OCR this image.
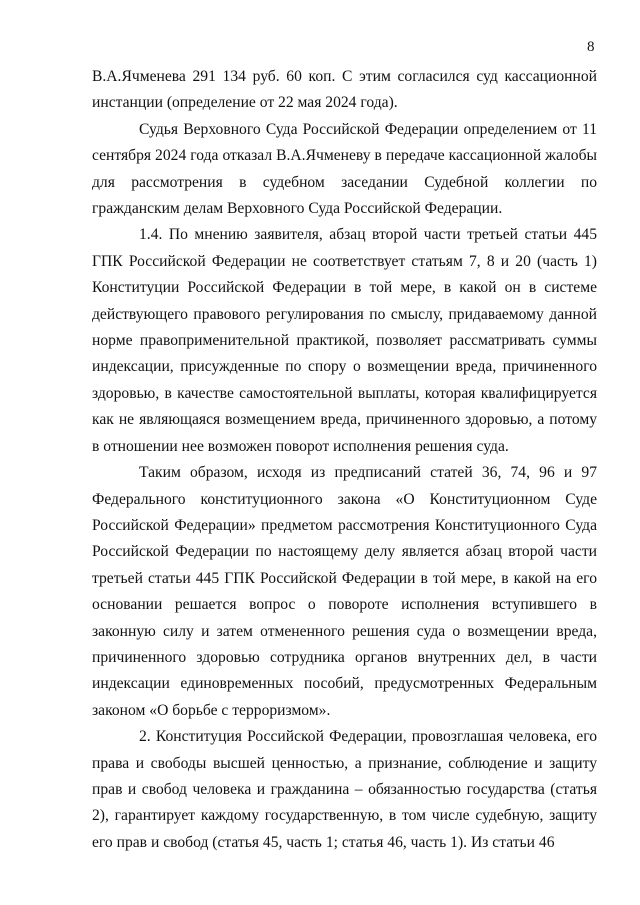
8

В.А.Ячменева 291 134 руб. 60 коп. С этим согласился суд кассационной инстанции (определение от 22 мая 2024 года).

Судья Верховного Суда Российской Федерации определением от 11 сентября 2024 года отказал В.А.Ячменеву в передаче кассационной жалобы для рассмотрения в судебном заседании Судебной коллегии по гражданским делам Верховного Суда Российской Федерации.

1.4. По мнению заявителя, абзац второй части третьей статьи 445 ГПК Российской Федерации не соответствует статьям 7, 8 и 20 (часть 1) Конституции Российской Федерации в той мере, в какой он в системе действующего правового регулирования по смыслу, придаваемому данной норме правоприменительной практикой, позволяет рассматривать суммы индексации, присужденные по спору о возмещении вреда, причиненного здоровью, в качестве самостоятельной выплаты, которая квалифицируется как не являющаяся возмещением вреда, причиненного здоровью, а потому в отношении нее возможен поворот исполнения решения суда.

Таким образом, исходя из предписаний статей 36, 74, 96 и 97 Федерального конституционного закона «О Конституционном Суде Российской Федерации» предметом рассмотрения Конституционного Суда Российской Федерации по настоящему делу является абзац второй части третьей статьи 445 ГПК Российской Федерации в той мере, в какой на его основании решается вопрос о повороте исполнения вступившего в законную силу и затем отмененного решения суда о возмещении вреда, причиненного здоровью сотрудника органов внутренних дел, в части индексации единовременных пособий, предусмотренных Федеральным законом «О борьбе с терроризмом».

2. Конституция Российской Федерации, провозглашая человека, его права и свободы высшей ценностью, а признание, соблюдение и защиту прав и свобод человека и гражданина – обязанностью государства (статья 2), гарантирует каждому государственную, в том числе судебную, защиту его прав и свобод (статья 45, часть 1; статья 46, часть 1). Из статьи 46
